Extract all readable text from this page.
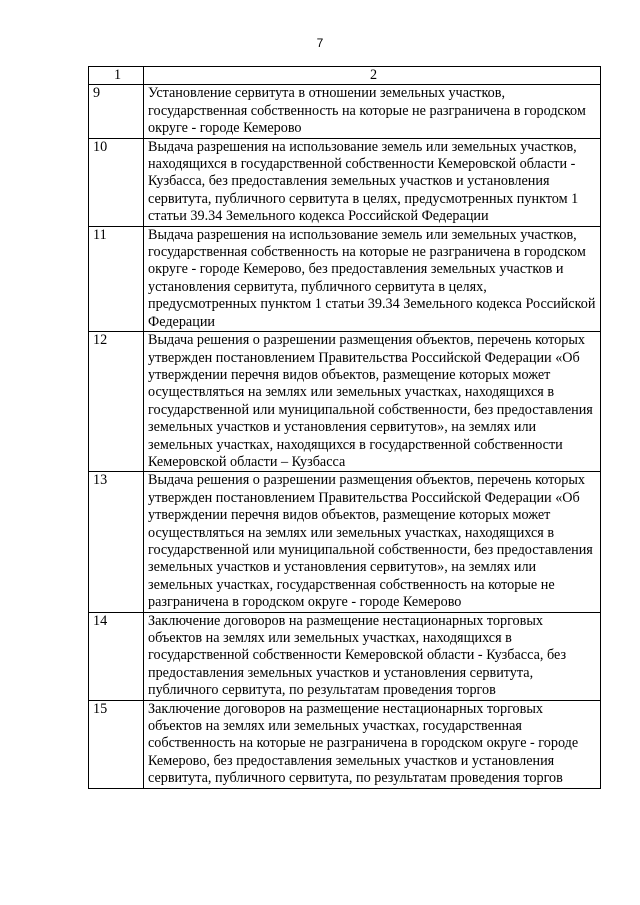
7
1	2
9	Установление сервитута в отношении земельных участков, государственная собственность на которые не разграничена в городском округе - городе Кемерово
10	Выдача разрешения на использование земель или земельных участков, находящихся в государственной собственности Кемеровской области - Кузбасса, без предоставления земельных участков и установления сервитута, публичного сервитута в целях, предусмотренных пунктом 1 статьи 39.34 Земельного кодекса Российской Федерации
11	Выдача разрешения на использование земель или земельных участков, государственная собственность на которые не разграничена в городском округе - городе Кемерово, без предоставления земельных участков и установления сервитута, публичного сервитута в целях, предусмотренных пунктом 1 статьи 39.34 Земельного кодекса Российской Федерации
12	Выдача решения о разрешении размещения объектов, перечень которых утвержден постановлением Правительства Российской Федерации «Об утверждении перечня видов объектов, размещение которых может осуществляться на землях или земельных участках, находящихся в государственной или муниципальной собственности, без предоставления земельных участков и установления сервитутов», на землях или земельных участках, находящихся в государственной собственности Кемеровской области – Кузбасса
13	Выдача решения о разрешении размещения объектов, перечень которых утвержден постановлением Правительства Российской Федерации «Об утверждении перечня видов объектов, размещение которых может осуществляться на землях или земельных участках, находящихся в государственной или муниципальной собственности, без предоставления земельных участков и установления сервитутов», на землях или земельных участках, государственная собственность на которые не разграничена в городском округе - городе Кемерово
14	Заключение договоров на размещение нестационарных торговых объектов на землях или земельных участках, находящихся в государственной собственности Кемеровской области - Кузбасса, без предоставления земельных участков и установления сервитута, публичного сервитута, по результатам проведения торгов
15	Заключение договоров на размещение нестационарных торговых объектов на землях или земельных участках, государственная собственность на которые не разграничена в городском округе - городе Кемерово, без предоставления земельных участков и установления сервитута, публичного сервитута, по результатам проведения торгов
